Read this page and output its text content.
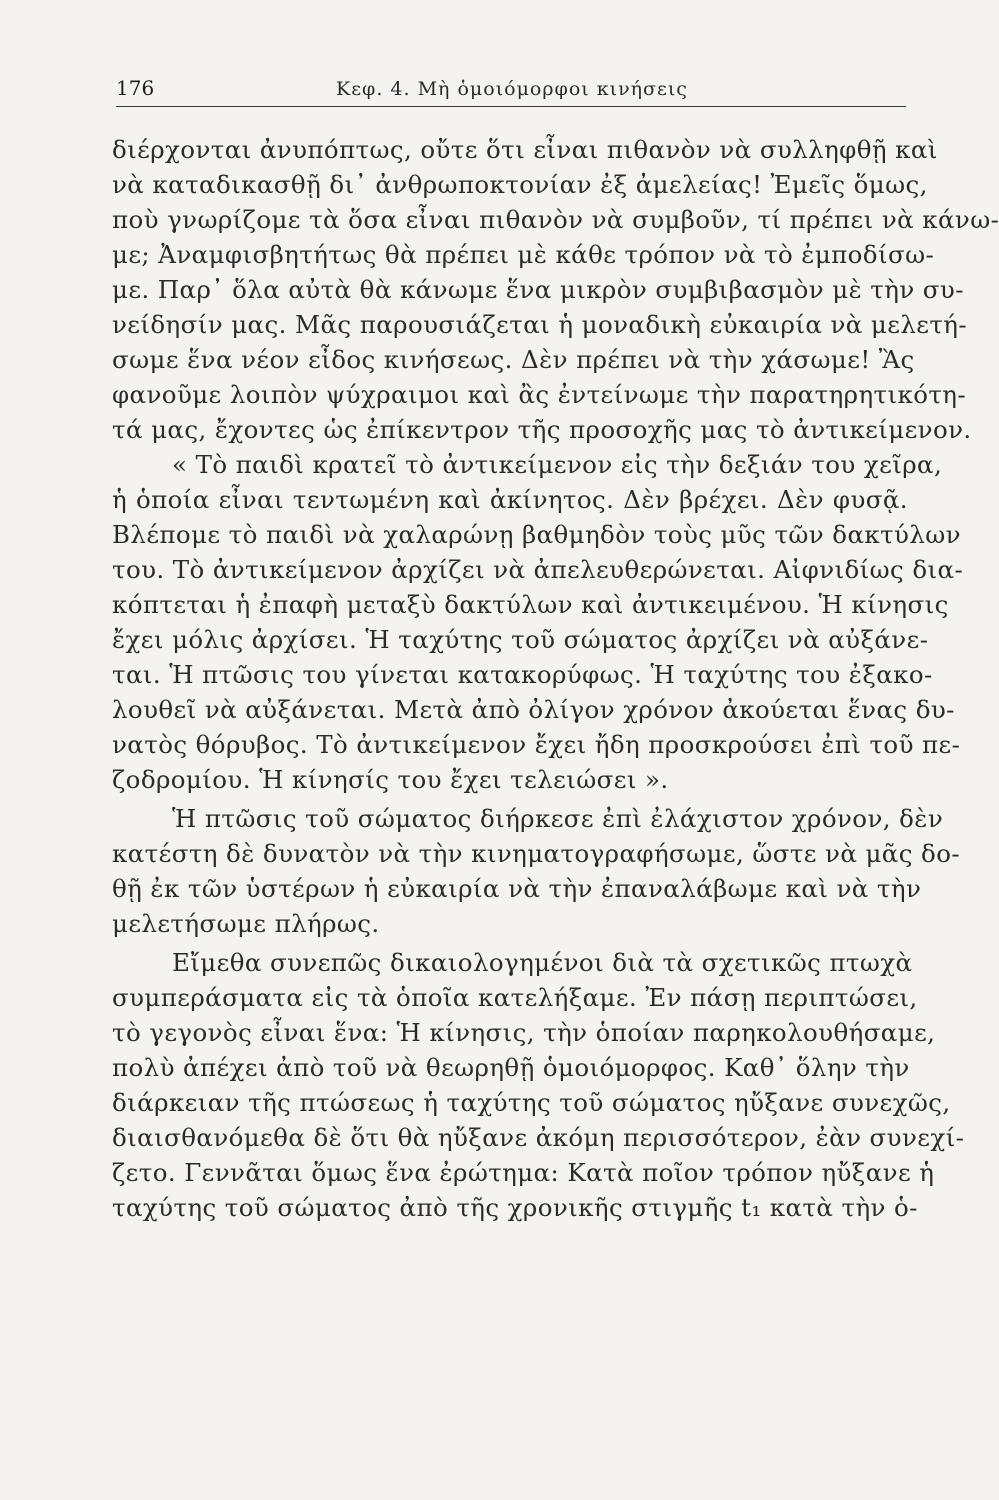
176	Κεφ. 4. Μὴ ὁμοιόμορφοι κινήσεις
διέρχονται ἀνυπόπτως, οὔτε ὅτι εἶναι πιθανὸν νὰ συλληφθῇ καὶ
νὰ καταδικασθῇ δι᾽ ἀνθρωποκτονίαν ἐξ ἀμελείας! Ἐμεῖς ὅμως,
ποὺ γνωρίζομε τὰ ὅσα εἶναι πιθανὸν νὰ συμβοῦν, τί πρέπει νὰ κάνω-
με; Ἀναμφισβητήτως θὰ πρέπει μὲ κάθε τρόπον νὰ τὸ ἐμποδίσω-
με. Παρ᾽ ὅλα αὐτὰ θὰ κάνωμε ἕνα μικρὸν συμβιβασμὸν μὲ τὴν συ-
νείδησίν μας. Μᾶς παρουσιάζεται ἡ μοναδικὴ εὐκαιρία νὰ μελετή-
σωμε ἕνα νέον εἶδος κινήσεως. Δὲν πρέπει νὰ τὴν χάσωμε! Ἂς
φανοῦμε λοιπὸν ψύχραιμοι καὶ ἂς ἐντείνωμε τὴν παρατηρητικότη-
τά μας, ἔχοντες ὡς ἐπίκεντρον τῆς προσοχῆς μας τὸ ἀντικείμενον.
« Τὸ παιδὶ κρατεῖ τὸ ἀντικείμενον εἰς τὴν δεξιάν του χεῖρα,
ἡ ὁποία εἶναι τεντωμένη καὶ ἀκίνητος. Δὲν βρέχει. Δὲν φυσᾷ.
Βλέπομε τὸ παιδὶ νὰ χαλαρώνῃ βαθμηδὸν τοὺς μῦς τῶν δακτύλων
του. Τὸ ἀντικείμενον ἀρχίζει νὰ ἀπελευθερώνεται. Αἰφνιδίως δια-
κόπτεται ἡ ἐπαφὴ μεταξὺ δακτύλων καὶ ἀντικειμένου. Ἡ κίνησις
ἔχει μόλις ἀρχίσει. Ἡ ταχύτης τοῦ σώματος ἀρχίζει νὰ αὐξάνε-
ται. Ἡ πτῶσις του γίνεται κατακορύφως. Ἡ ταχύτης του ἐξακο-
λουθεῖ νὰ αὐξάνεται. Μετὰ ἀπὸ ὀλίγον χρόνον ἀκούεται ἕνας δυ-
νατὸς θόρυβος. Τὸ ἀντικείμενον ἔχει ἤδη προσκρούσει ἐπὶ τοῦ πε-
ζοδρομίου. Ἡ κίνησίς του ἔχει τελειώσει ».
Ἡ πτῶσις τοῦ σώματος διήρκεσε ἐπὶ ἐλάχιστον χρόνον, δὲν
κατέστη δὲ δυνατὸν νὰ τὴν κινηματογραφήσωμε, ὥστε νὰ μᾶς δο-
θῇ ἐκ τῶν ὑστέρων ἡ εὐκαιρία νὰ τὴν ἐπαναλάβωμε καὶ νὰ τὴν
μελετήσωμε πλήρως.
Εἴμεθα συνεπῶς δικαιολογημένοι διὰ τὰ σχετικῶς πτωχὰ
συμπεράσματα εἰς τὰ ὁποῖα κατελήξαμε. Ἐν πάσῃ περιπτώσει,
τὸ γεγονὸς εἶναι ἕνα: Ἡ κίνησις, τὴν ὁποίαν παρηκολουθήσαμε,
πολὺ ἀπέχει ἀπὸ τοῦ νὰ θεωρηθῇ ὁμοιόμορφος. Καθ᾽ ὅλην τὴν
διάρκειαν τῆς πτώσεως ἡ ταχύτης τοῦ σώματος ηὔξανε συνεχῶς,
διαισθανόμεθα δὲ ὅτι θὰ ηὔξανε ἀκόμη περισσότερον, ἐὰν συνεχί-
ζετο. Γεννᾶται ὅμως ἕνα ἐρώτημα: Κατὰ ποῖον τρόπον ηὔξανε ἡ
ταχύτης τοῦ σώματος ἀπὸ τῆς χρονικῆς στιγμῆς t₁ κατὰ τὴν ὁ-
